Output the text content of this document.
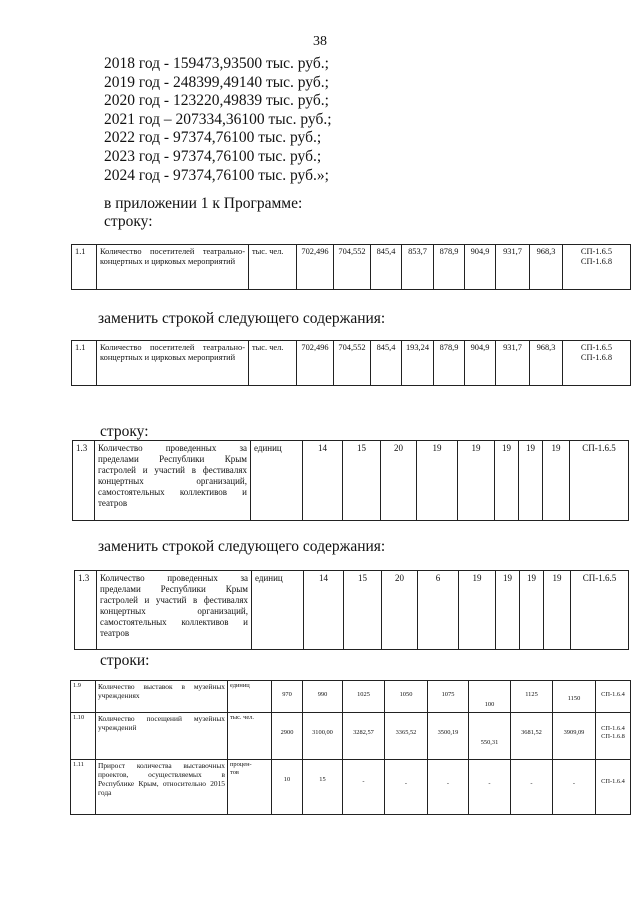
38
2018 год - 159473,93500 тыс. руб.;
2019 год - 248399,49140 тыс. руб.;
2020 год - 123220,49839 тыс. руб.;
2021 год – 207334,36100 тыс. руб.;
2022 год - 97374,76100 тыс. руб.;
2023 год - 97374,76100 тыс. руб.;
2024 год - 97374,76100 тыс. руб.»;
в приложении 1 к Программе:
строку:
1.1	Количество посетителей театрально-концертных и цирковых мероприятий	тыс. чел.	702,496	704,552	845,4	853,7	878,9	904,9	931,7	968,3	СП-1.6.5
СП-1.6.8
заменить строкой следующего содержания:
1.1	Количество посетителей театрально-концертных и цирковых мероприятий	тыс. чел.	702,496	704,552	845,4	193,24	878,9	904,9	931,7	968,3	СП-1.6.5
СП-1.6.8
строку:
1.3	Количество проведенных за пределами Республики Крым гастролей и участий в фестивалях концертных организаций, самостоятельных коллективов и театров	единиц	14	15	20	19	19	19	19	19	СП-1.6.5
заменить строкой следующего содержания:
1.3	Количество проведенных за пределами Республики Крым гастролей и участий в фестивалях концертных организаций, самостоятельных коллективов и театров	единиц	14	15	20	6	19	19	19	19	СП-1.6.5
строки:
1.9	Количество выставок в музейных учреждениях	единиц	970	990	1025	1050	1075	100	1125	1150	СП-1.6.4
1.10	Количество посещений музейных учреждений	тыс. чел.	2900	3100,00	3282,57	3365,52	3500,19	550,31	3681,52	3909,09	СП-1.6.4
СП-1.6.8
1.11	Прирост количества выставочных проектов, осуществляемых в Республике Крым, относительно 2015 года	процен-
тов	10	15	-	-	-	-	-	-	СП-1.6.4
